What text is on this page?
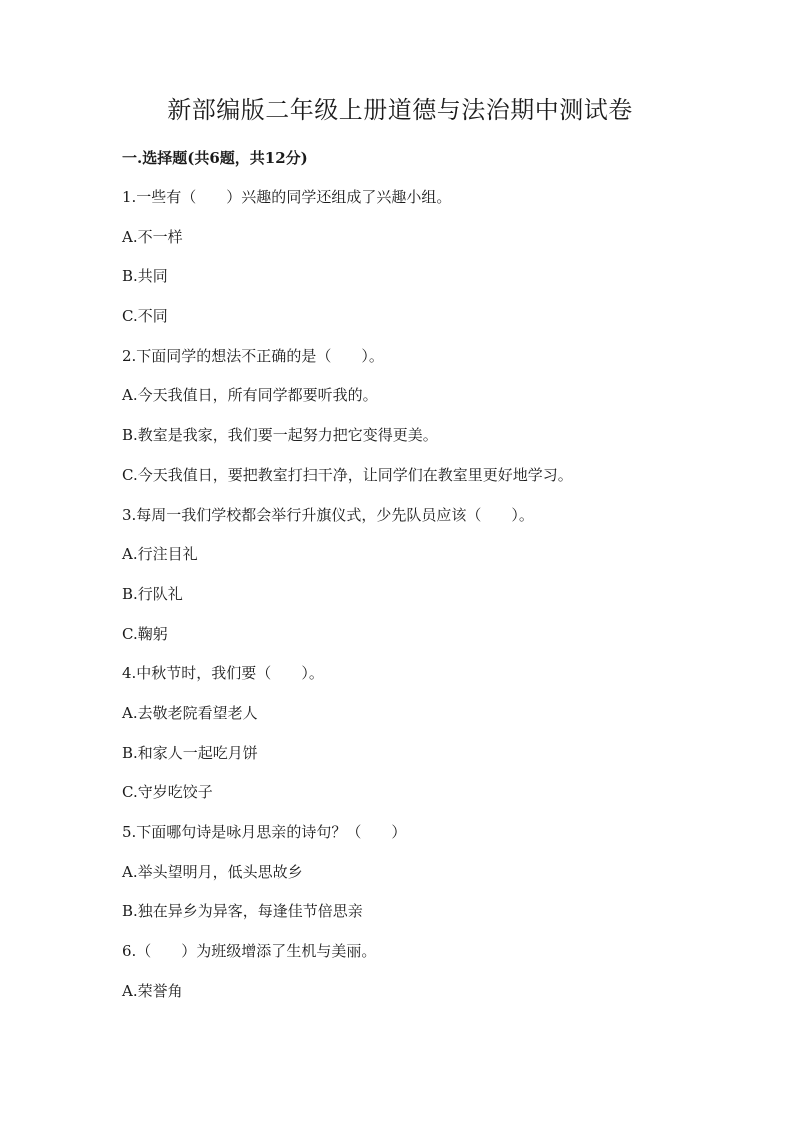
新部编版二年级上册道德与法治期中测试卷
一.选择题(共6题，共12分)
1.一些有（　　）兴趣的同学还组成了兴趣小组。
A.不一样
B.共同
C.不同
2.下面同学的想法不正确的是（　　）。
A.今天我值日，所有同学都要听我的。
B.教室是我家，我们要一起努力把它变得更美。
C.今天我值日，要把教室打扫干净，让同学们在教室里更好地学习。
3.每周一我们学校都会举行升旗仪式，少先队员应该（　　）。
A.行注目礼
B.行队礼
C.鞠躬
4.中秋节时，我们要（　　）。
A.去敬老院看望老人
B.和家人一起吃月饼
C.守岁吃饺子
5.下面哪句诗是咏月思亲的诗句？（　　）
A.举头望明月，低头思故乡
B.独在异乡为异客，每逢佳节倍思亲
6.（　　）为班级增添了生机与美丽。
A.荣誉角
